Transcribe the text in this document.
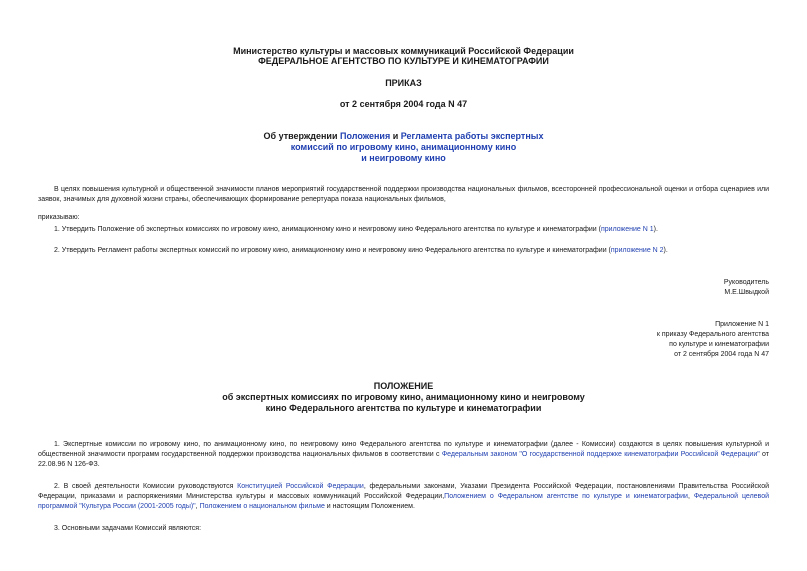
Министерство культуры и массовых коммуникаций Российской Федерации

ФЕДЕРАЛЬНОЕ АГЕНТСТВО ПО КУЛЬТУРЕ И КИНЕМАТОГРАФИИ

ПРИКАЗ

от 2 сентября 2004 года N 47

Об утверждении Положения и Регламента работы экспертных

комиссий по игровому кино, анимационному кино

и неигровому кино

В целях повышения культурной и общественной значимости планов мероприятий государственной поддержки производства национальных фильмов, всесторонней профессиональной оценки и отбора сценариев или заявок, значимых для духовной жизни страны, обеспечивающих формирование репертуара показа национальных фильмов,

приказываю:

1. Утвердить Положение об экспертных комиссиях по игровому кино, анимационному кино и неигровому кино Федерального агентства по культуре и кинематографии (приложение N 1).

2. Утвердить Регламент работы экспертных комиссий по игровому кино, анимационному кино и неигровому кино Федерального агентства по культуре и кинематографии (приложение N 2).

Руководитель

М.Е.Швыдкой

Приложение N 1

к приказу Федерального агентства

по культуре и кинематографии

от 2 сентября 2004 года N 47

ПОЛОЖЕНИЕ

об экспертных комиссиях по игровому кино, анимационному кино и неигровому

кино Федерального агентства по культуре и кинематографии

1. Экспертные комиссии по игровому кино, по анимационному кино, по неигровому кино Федерального агентства по культуре и кинематографии (далее - Комиссии) создаются в целях повышения культурной и общественной значимости программ государственной поддержки производства национальных фильмов в соответствии с Федеральным законом "О государственной поддержке кинематографии Российской Федерации" от 22.08.96 N 126-ФЗ.

2. В своей деятельности Комиссии руководствуются Конституцией Российской Федерации, федеральными законами, Указами Президента Российской Федерации, постановлениями Правительства Российской Федерации, приказами и распоряжениями Министерства культуры и массовых коммуникаций Российской Федерации,Положением о Федеральном агентстве по культуре и кинематографии, Федеральной целевой программой "Культура России (2001-2005 годы)", Положением о национальном фильме и настоящим Положением.

3. Основными задачами Комиссий являются:
